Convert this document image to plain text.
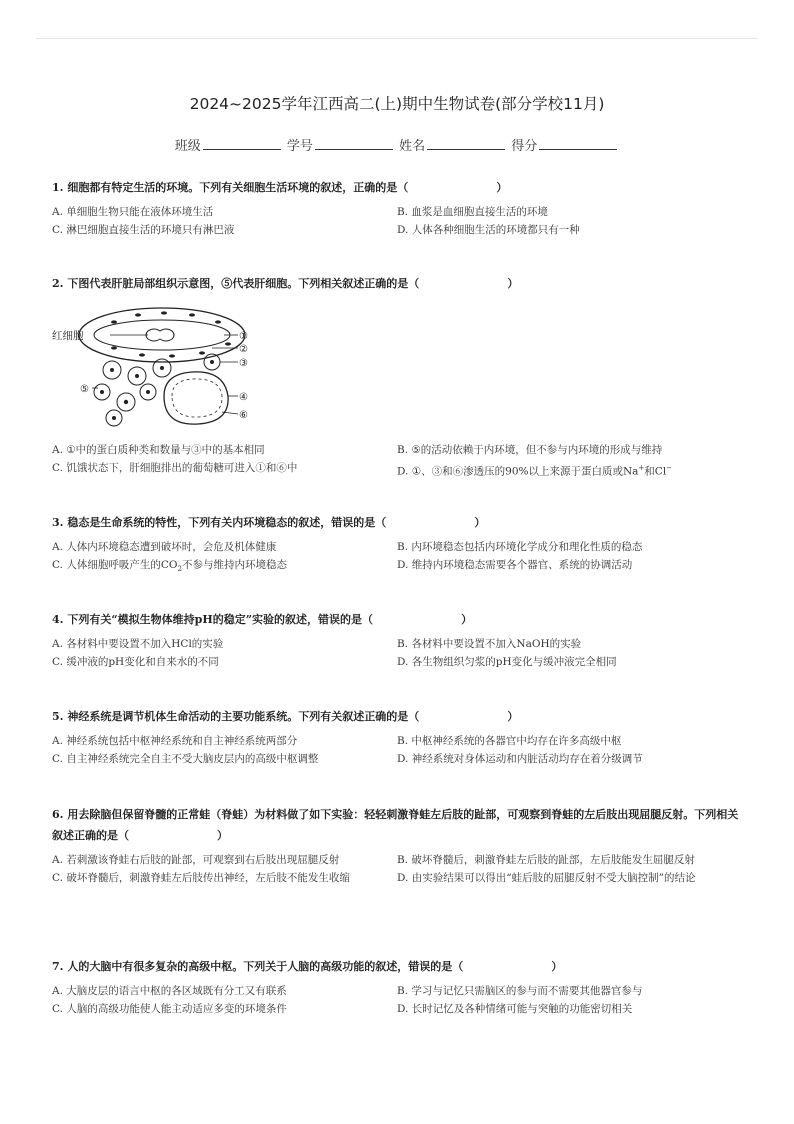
2024~2025学年江西高二(上)期中生物试卷(部分学校11月)
班级	学号	姓名	得分
1. 细胞都有特定生活的环境。下列有关细胞生活环境的叙述，正确的是（	）
A. 单细胞生物只能在液体环境生活	B. 血浆是血细胞直接生活的环境
C. 淋巴细胞直接生活的环境只有淋巴液	D. 人体各种细胞生活的环境都只有一种
2. 下图代表肝脏局部组织示意图，⑤代表肝细胞。下列相关叙述正确的是（	）
红细胞	①
②
③
④
⑤
⑥
A. ①中的蛋白质种类和数量与③中的基本相同	B. ⑤的活动依赖于内环境，但不参与内环境的形成与维持
C. 饥饿状态下，肝细胞排出的葡萄糖可进入①和⑥中	D. ①、③和⑥渗透压的90%以上来源于蛋白质或Na+和Cl−
3. 稳态是生命系统的特性，下列有关内环境稳态的叙述，错误的是（	）
A. 人体内环境稳态遭到破坏时，会危及机体健康	B. 内环境稳态包括内环境化学成分和理化性质的稳态
C. 人体细胞呼吸产生的$CO_2$不参与维持内环境稳态	D. 维持内环境稳态需要各个器官、系统的协调活动
4. 下列有关“模拟生物体维持pH的稳定”实验的叙述，错误的是（	）
A. 各材料中要设置不加入HCl的实验	B. 各材料中要设置不加入NaOH的实验
C. 缓冲液的pH变化和自来水的不同	D. 各生物组织匀浆的pH变化与缓冲液完全相同
5. 神经系统是调节机体生命活动的主要功能系统。下列有关叙述正确的是（	）
A. 神经系统包括中枢神经系统和自主神经系统两部分	B. 中枢神经系统的各器官中均存在许多高级中枢
C. 自主神经系统完全自主不受大脑皮层内的高级中枢调整	D. 神经系统对身体运动和内脏活动均存在着分级调节
6. 用去除脑但保留脊髓的正常蛙（脊蛙）为材料做了如下实验：轻轻刺激脊蛙左后肢的趾部，可观察到脊蛙的左后肢出现屈腿反射。下列相关叙述正确的是（	）
A. 若刺激该脊蛙右后肢的趾部，可观察到右后肢出现屈腿反射	B. 破坏脊髓后，刺激脊蛙左后肢的趾部，左后肢能发生屈腿反射
C. 破坏脊髓后，刺激脊蛙左后肢传出神经，左后肢不能发生收缩	D. 由实验结果可以得出“蛙后肢的屈腿反射不受大脑控制”的结论
7. 人的大脑中有很多复杂的高级中枢。下列关于人脑的高级功能的叙述，错误的是（	）
A. 大脑皮层的语言中枢的各区域既有分工又有联系	B. 学习与记忆只需脑区的参与而不需要其他器官参与
C. 人脑的高级功能使人能主动适应多变的环境条件	D. 长时记忆及各种情绪可能与突触的功能密切相关
